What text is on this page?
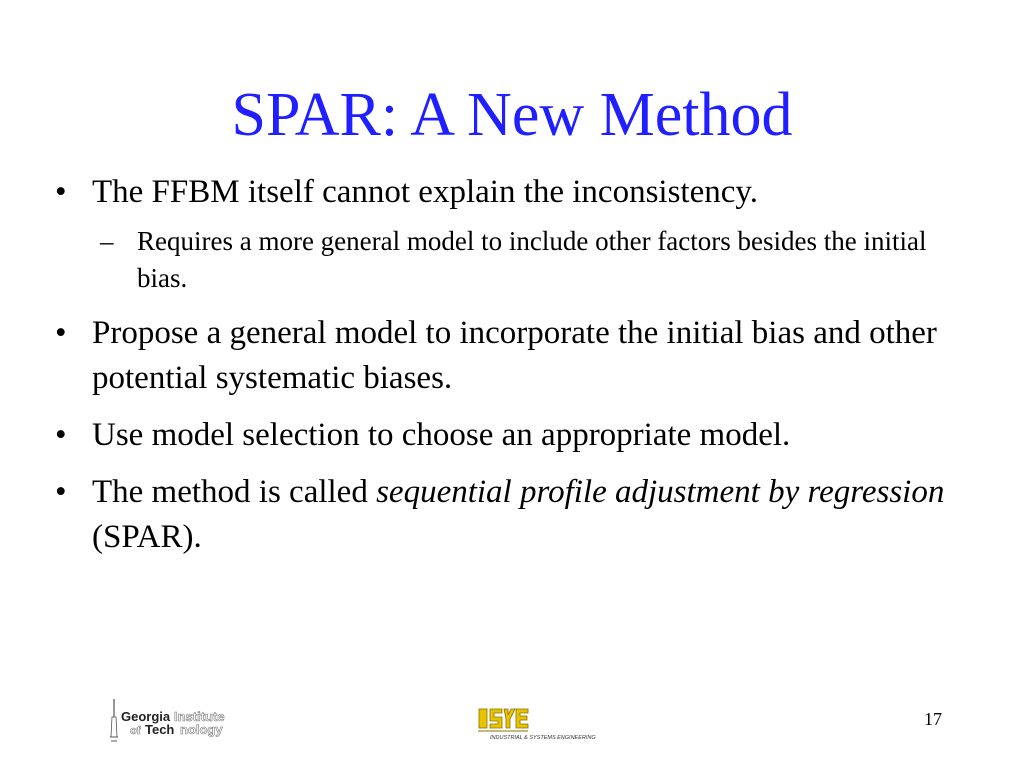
SPAR: A New Method
• The FFBM itself cannot explain the inconsistency.
– Requires a more general model to include other factors besides the initial bias.
• Propose a general model to incorporate the initial bias and other potential systematic biases.
• Use model selection to choose an appropriate model.
• The method is called sequential profile adjustment by regression (SPAR).
Georgia Institute
of Tech nology
INDUSTRIAL & SYSTEMS ENGINEERING
17
